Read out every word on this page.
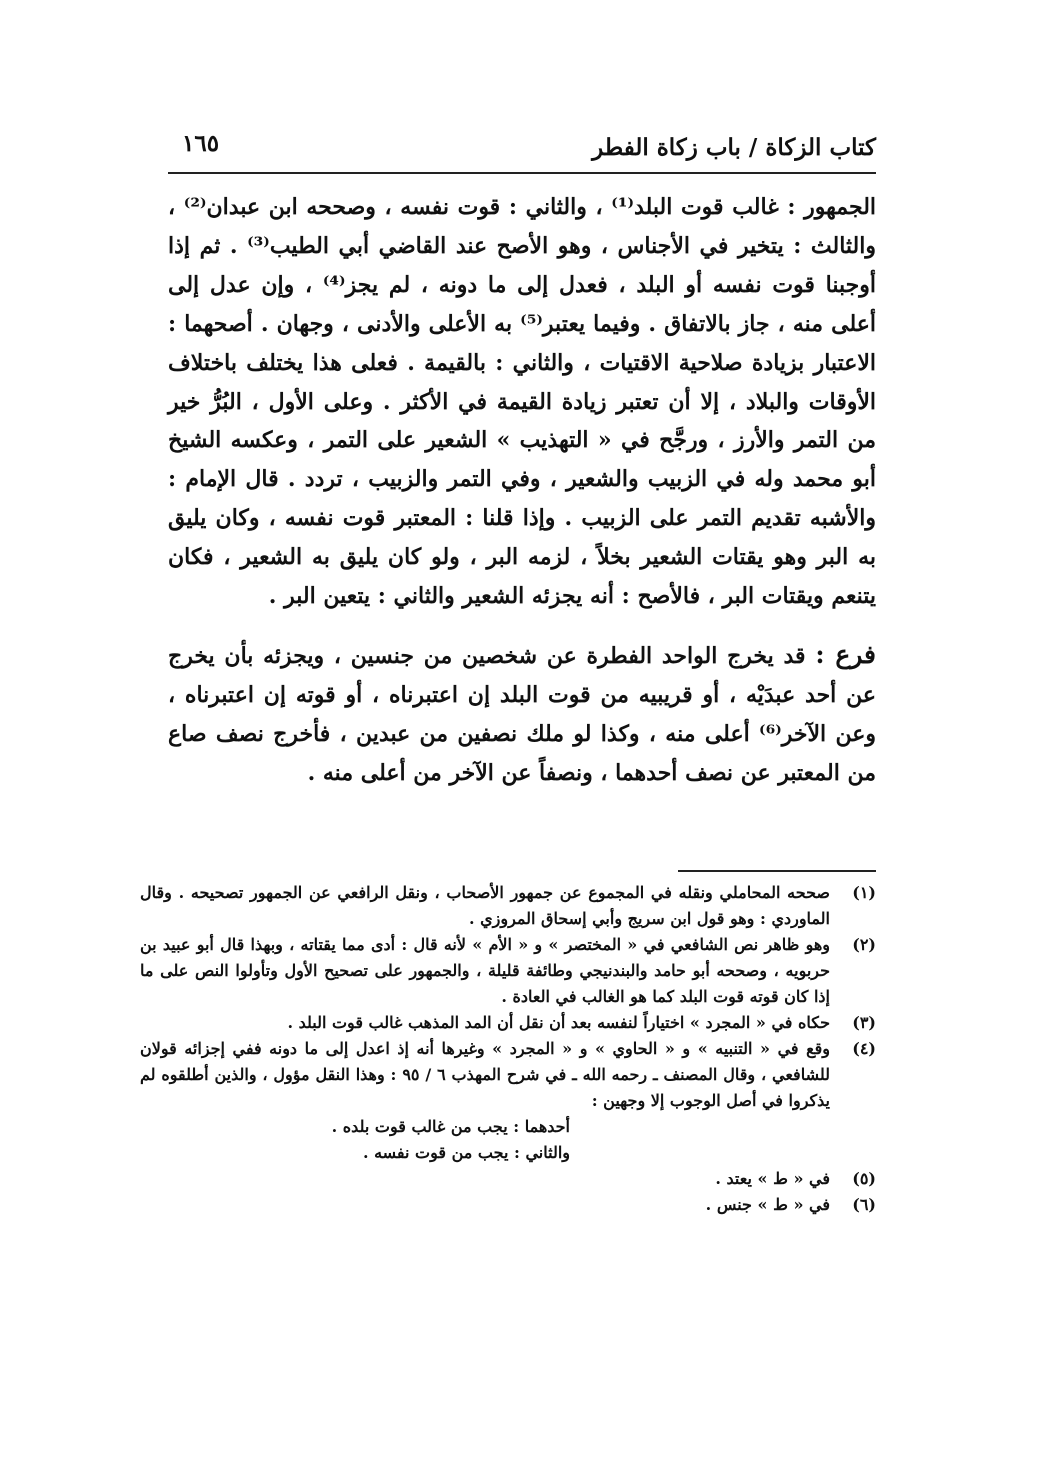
كتاب الزكاة / باب زكاة الفطر
١٦٥

الجمهور : غالب قوت البلد⁽¹⁾ ، والثاني : قوت نفسه ، وصححه ابن عبدان⁽²⁾ ، والثالث : يتخير في الأجناس ، وهو الأصح عند القاضي أبي الطيب⁽³⁾ . ثم إذا أوجبنا قوت نفسه أو البلد ، فعدل إلى ما دونه ، لم يجز⁽⁴⁾ ، وإن عدل إلى أعلى منه ، جاز بالاتفاق . وفيما يعتبر⁽⁵⁾ به الأعلى والأدنى ، وجهان . أصحهما : الاعتبار بزيادة صلاحية الاقتيات ، والثاني : بالقيمة . فعلى هذا يختلف باختلاف الأوقات والبلاد ، إلا أن تعتبر زيادة القيمة في الأكثر . وعلى الأول ، البُرُّ خير من التمر والأرز ، ورجَّح في « التهذيب » الشعير على التمر ، وعكسه الشيخ أبو محمد وله في الزبيب والشعير ، وفي التمر والزبيب ، تردد . قال الإمام : والأشبه تقديم التمر على الزبيب . وإذا قلنا : المعتبر قوت نفسه ، وكان يليق به البر وهو يقتات الشعير بخلاً ، لزمه البر ، ولو كان يليق به الشعير ، فكان يتنعم ويقتات البر ، فالأصح : أنه يجزئه الشعير والثاني : يتعين البر .

فرع : قد يخرج الواحد الفطرة عن شخصين من جنسين ، ويجزئه بأن يخرج عن أحد عبدَيْه ، أو قريبيه من قوت البلد إن اعتبرناه ، أو قوته إن اعتبرناه ، وعن الآخر⁽⁶⁾ أعلى منه ، وكذا لو ملك نصفين من عبدين ، فأخرج نصف صاع من المعتبر عن نصف أحدهما ، ونصفاً عن الآخر من أعلى منه .

(١)
صححه المحاملي ونقله في المجموع عن جمهور الأصحاب ، ونقل الرافعي عن الجمهور تصحيحه . وقال الماوردي : وهو قول ابن سريج وأبي إسحاق المروزي .

(٢)
وهو ظاهر نص الشافعي في « المختصر » و « الأم » لأنه قال : أدى مما يقتاته ، وبهذا قال أبو عبيد بن حربويه ، وصححه أبو حامد والبندنيجي وطائفة قليلة ، والجمهور على تصحيح الأول وتأولوا النص على ما إذا كان قوته قوت البلد كما هو الغالب في العادة .

(٣)
حكاه في « المجرد » اختياراً لنفسه بعد أن نقل أن المد المذهب غالب قوت البلد .

(٤)
وقع في « التنبيه » و « الحاوي » و « المجرد » وغيرها أنه إذ اعدل إلى ما دونه ففي إجزائه قولان للشافعي ، وقال المصنف ـ رحمه الله ـ في شرح المهذب ٦ / ٩٥ : وهذا النقل مؤول ، والذين أطلقوه لم يذكروا في أصل الوجوب إلا وجهين :
أحدهما : يجب من غالب قوت بلده .
والثاني : يجب من قوت نفسه .

(٥)
في « ط » يعتد .

(٦)
في « ط » جنس .
